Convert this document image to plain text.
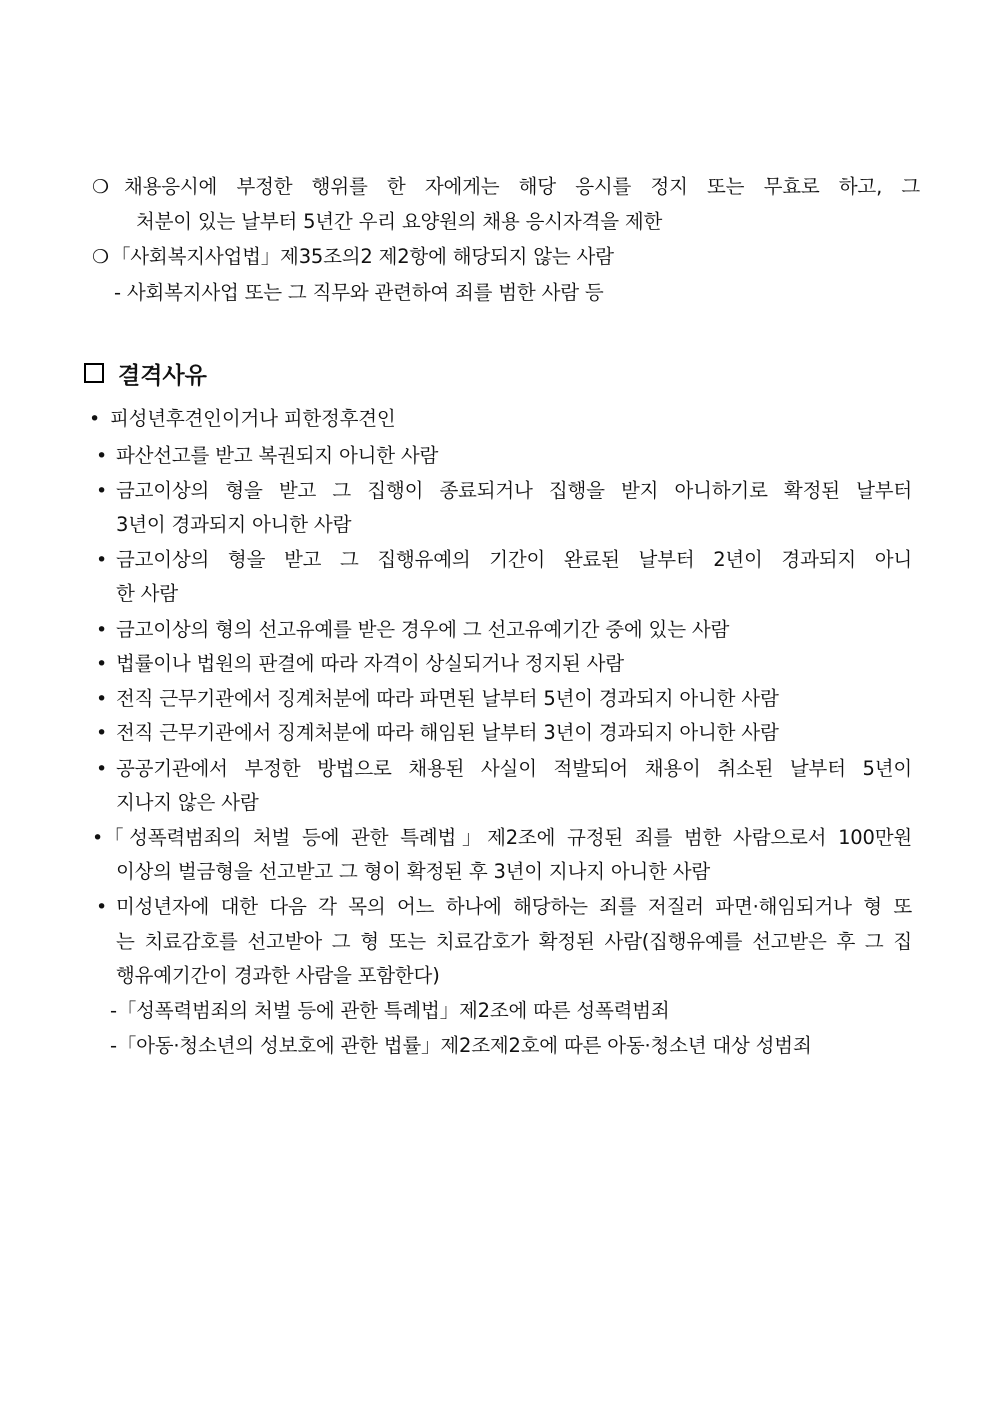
❍ 채용응시에 부정한 행위를 한 자에게는 해당 응시를 정지 또는 무효로 하고, 그
처분이 있는 날부터 5년간 우리 요양원의 채용 응시자격을 제한
❍ 「사회복지사업법」제35조의2 제2항에 해당되지 않는 사람
- 사회복지사업 또는 그 직무와 관련하여 죄를 범한 사람 등
결격사유
• 피성년후견인이거나 피한정후견인
• 파산선고를 받고 복권되지 아니한 사람
• 금고이상의 형을 받고 그 집행이 종료되거나 집행을 받지 아니하기로 확정된 날부터
3년이 경과되지 아니한 사람
• 금고이상의 형을 받고 그 집행유예의 기간이 완료된 날부터 2년이 경과되지 아니
한 사람
• 금고이상의 형의 선고유예를 받은 경우에 그 선고유예기간 중에 있는 사람
• 법률이나 법원의 판결에 따라 자격이 상실되거나 정지된 사람
• 전직 근무기관에서 징계처분에 따라 파면된 날부터 5년이 경과되지 아니한 사람
• 전직 근무기관에서 징계처분에 따라 해임된 날부터 3년이 경과되지 아니한 사람
• 공공기관에서 부정한 방법으로 채용된 사실이 적발되어 채용이 취소된 날부터 5년이
지나지 않은 사람
• 「성폭력범죄의 처벌 등에 관한 특례법」제2조에 규정된 죄를 범한 사람으로서 100만원
이상의 벌금형을 선고받고 그 형이 확정된 후 3년이 지나지 아니한 사람
• 미성년자에 대한 다음 각 목의 어느 하나에 해당하는 죄를 저질러 파면·해임되거나 형 또
는 치료감호를 선고받아 그 형 또는 치료감호가 확정된 사람(집행유예를 선고받은 후 그 집
행유예기간이 경과한 사람을 포함한다)
-「성폭력범죄의 처벌 등에 관한 특례법」제2조에 따른 성폭력범죄
-「아동·청소년의 성보호에 관한 법률」제2조제2호에 따른 아동·청소년 대상 성범죄
